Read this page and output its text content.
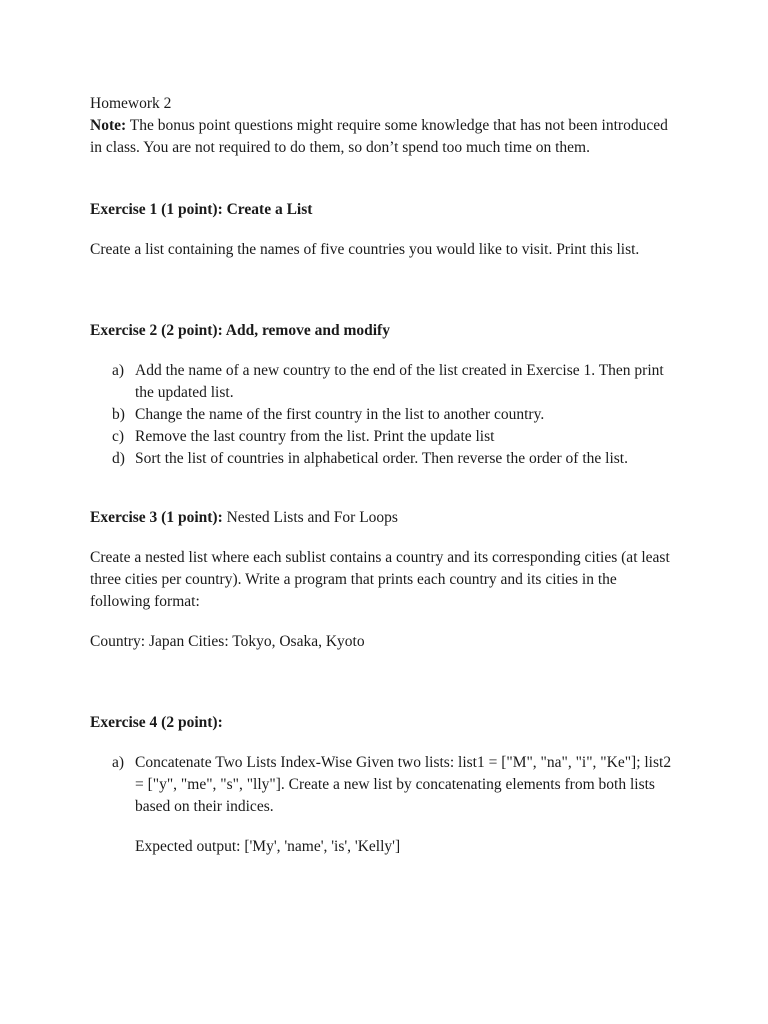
Homework 2

Note: The bonus point questions might require some knowledge that has not been introduced in class. You are not required to do them, so don’t spend too much time on them.

Exercise 1 (1 point): Create a List

Create a list containing the names of five countries you would like to visit. Print this list.

Exercise 2 (2 point): Add, remove and modify

a) Add the name of a new country to the end of the list created in Exercise 1. Then print the updated list.
b) Change the name of the first country in the list to another country.
c) Remove the last country from the list. Print the update list
d) Sort the list of countries in alphabetical order. Then reverse the order of the list.

Exercise 3 (1 point): Nested Lists and For Loops

Create a nested list where each sublist contains a country and its corresponding cities (at least three cities per country). Write a program that prints each country and its cities in the following format:

Country: Japan Cities: Tokyo, Osaka, Kyoto

Exercise 4 (2 point):

a) Concatenate Two Lists Index-Wise Given two lists: list1 = ["M", "na", "i", "Ke"]; list2 = ["y", "me", "s", "lly"]. Create a new list by concatenating elements from both lists based on their indices.

Expected output: ['My', 'name', 'is', 'Kelly']
